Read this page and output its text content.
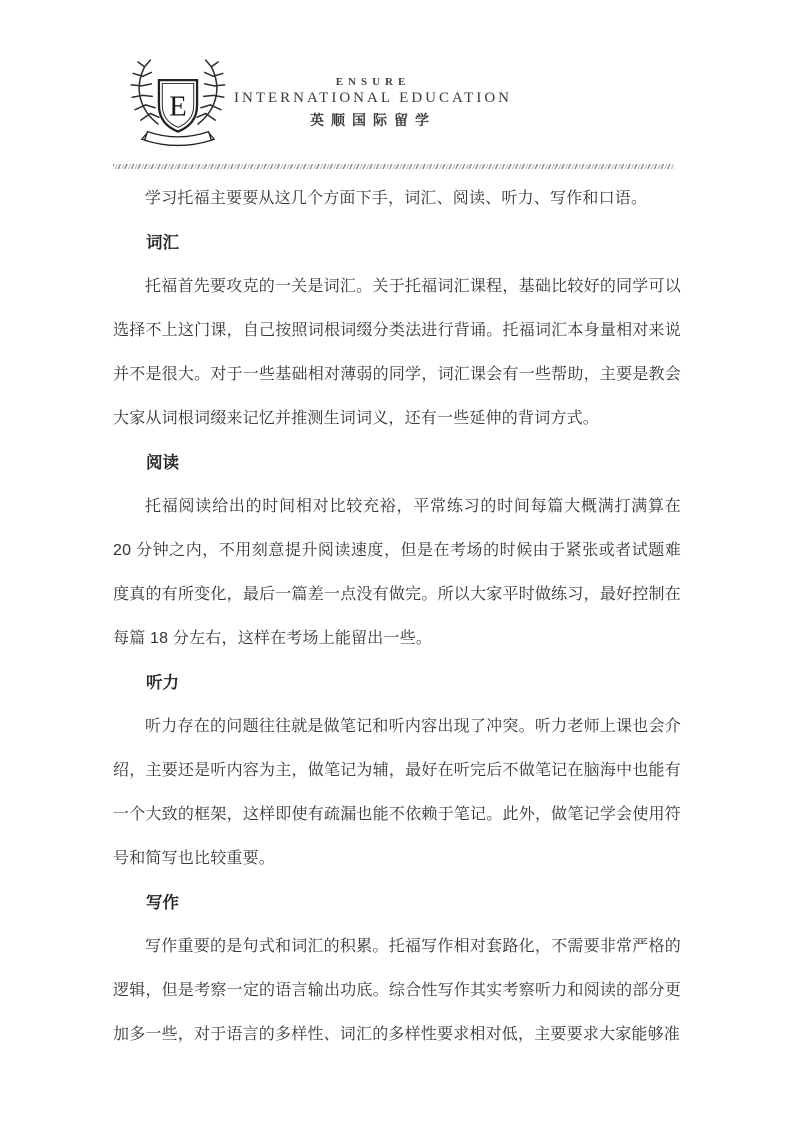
E
ENSURE
INTERNATIONAL EDUCATION
英顺国际留学

学习托福主要要从这几个方面下手，词汇、阅读、听力、写作和口语。

词汇

托福首先要攻克的一关是词汇。关于托福词汇课程，基础比较好的同学可以选择不上这门课，自己按照词根词缀分类法进行背诵。托福词汇本身量相对来说并不是很大。对于一些基础相对薄弱的同学，词汇课会有一些帮助，主要是教会大家从词根词缀来记忆并推测生词词义，还有一些延伸的背词方式。

阅读

托福阅读给出的时间相对比较充裕，平常练习的时间每篇大概满打满算在 20 分钟之内，不用刻意提升阅读速度，但是在考场的时候由于紧张或者试题难度真的有所变化，最后一篇差一点没有做完。所以大家平时做练习，最好控制在每篇 18 分左右，这样在考场上能留出一些。

听力

听力存在的问题往往就是做笔记和听内容出现了冲突。听力老师上课也会介绍，主要还是听内容为主，做笔记为辅，最好在听完后不做笔记在脑海中也能有一个大致的框架，这样即使有疏漏也能不依赖于笔记。此外，做笔记学会使用符号和简写也比较重要。

写作

写作重要的是句式和词汇的积累。托福写作相对套路化，不需要非常严格的逻辑，但是考察一定的语言输出功底。综合性写作其实考察听力和阅读的部分更加多一些，对于语言的多样性、词汇的多样性要求相对低，主要要求大家能够准
